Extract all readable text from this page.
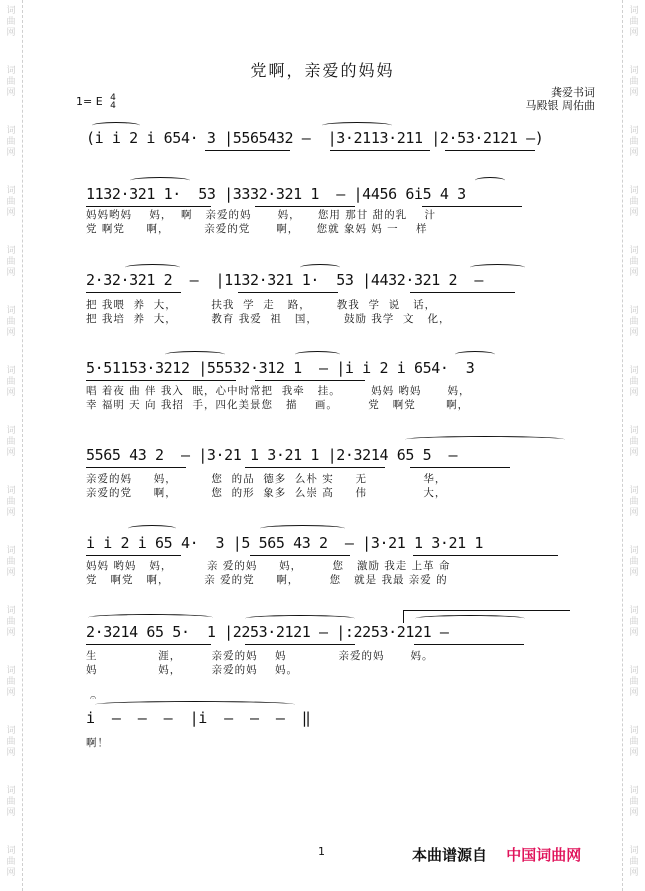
词
曲
网
词
曲
网
词
曲
网
词
曲
网
词
曲
网
词
曲
网
词
曲
网
词
曲
网
词
曲
网
词
曲
网
词
曲
网
词
曲
网
词
曲
网
词
曲
网
词
曲
网
词
曲
网
词
曲
网
词
曲
网
词
曲
网
词
曲
网
词
曲
网
词
曲
网
词
曲
网
词
曲
网
词
曲
网
词
曲
网
词
曲
网
词
曲
网
词
曲
网
词
曲
网
党啊，亲爱的妈妈
龚爱书词
马殿银 周佑曲
1= E 4
4
(i i 2 i 654· 3 |5565432 —  |3·2113·211 |2·53·2121 —)
1132·321 1·  53 |3332·321 1  — |4456 6i5 4 3
妈妈哟妈    妈，  啊   亲爱的妈      妈，    您用 那甘 甜的乳    汁
党 啊党     啊，        亲爱的党      啊，    您就 象妈 妈 一    样
2·32·321 2  —  |1132·321 1·  53 |4432·321 2  —
把 我喂  养  大，        扶我  学  走   路，      教我  学  说   话，
把 我培  养  大，        教育 我爱  祖   国，      鼓励 我学  文   化，
5·51153·3212 |55532·312 1  — |i i 2 i 654·  3
唱 着夜 曲 伴 我入  眠，心中时常把  我牵   挂。       妈妈 哟妈      妈，
幸 福明 天 向 我招  手，四化美景您   描    画。       党   啊党       啊，
5565 43 2  — |3·21 1 3·21 1 |2·3214 65 5  —
亲爱的妈     妈，        您  的品  德多  么朴 实     无             华，
亲爱的党     啊，        您  的形  象多  么崇 高     伟             大，
i i 2 i 65 4·  3 |5 565 43 2  — |3·21 1 3·21 1
妈妈 哟妈   妈，        亲 爱的妈     妈，       您   激励 我走 上革 命
党   啊党   啊，        亲 爱的党     啊，       您   就是 我最 亲爱 的
2·3214 65 5·  1 |2253·2121 — |:2253·2121 —
生              涯，       亲爱的妈    妈            亲爱的妈      妈。
妈              妈，       亲爱的妈    妈。
𝄐
i  —  —  —  |i  —  —  —  ‖
啊！
1	本曲谱源自 中国词曲网
